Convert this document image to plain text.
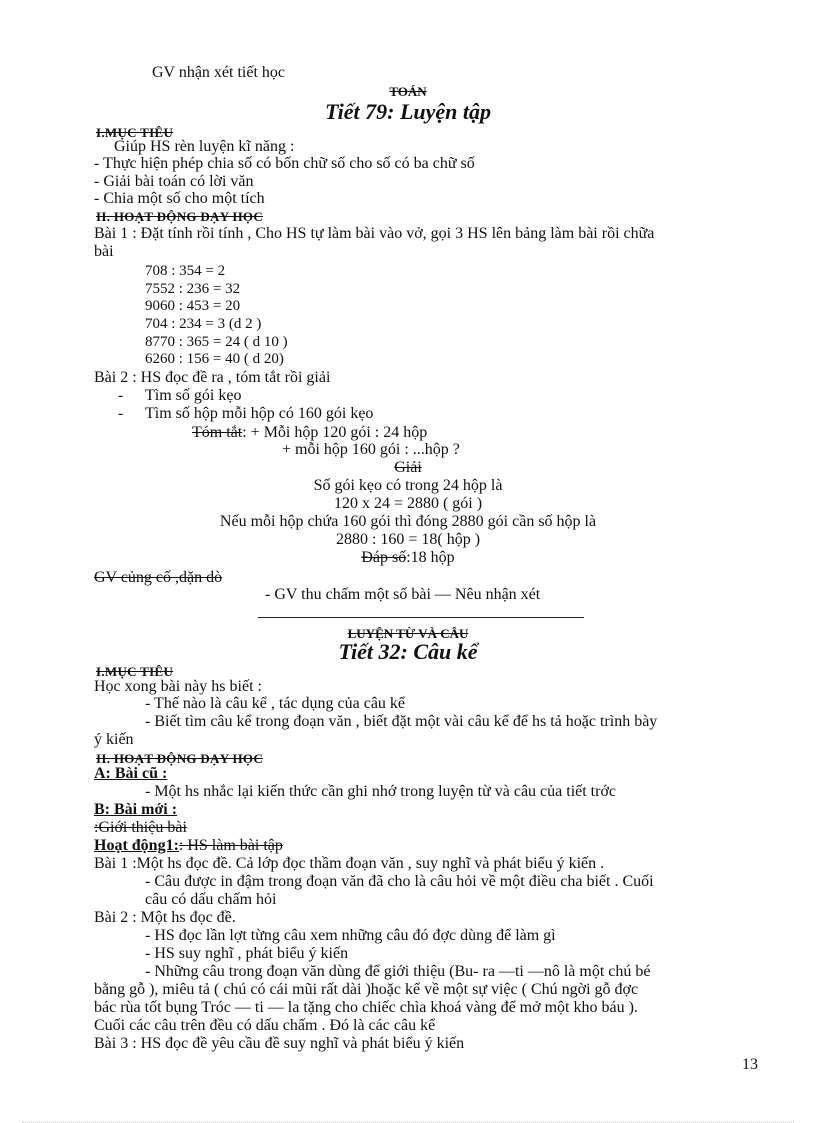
GV nhận xét tiết học
TOÁN
Tiết 79: Luyện tập
I.MỤC TIÊU
Giúp HS rèn luyện kĩ năng :
- Thực hiện phép chia số có bốn chữ số cho số có ba chữ số
- Giải bài toán có lời văn
- Chia một số cho một tích
II. HOẠT ĐỘNG DẠY HỌC
Bài 1 : Đặt tính rồi tính , Cho HS tự làm bài vào vở, gọi 3 HS lên bảng làm bài rồi chữa
bài
708 : 354 = 2
7552 : 236 = 32
9060 : 453 = 20
704 : 234 = 3 (d 2 )
8770 : 365 = 24 ( d 10 )
6260 : 156 = 40 ( d 20)
Bài 2 : HS đọc đề ra , tóm tắt rồi giải
‐ Tìm số gói kẹo
‐ Tìm số hộp mỗi hộp có 160 gói kẹo
Tóm tắt: + Mỗi hộp 120 gói : 24 hộp
+ mỗi hộp 160 gói : ...hộp ?
Giải
Số gói kẹo có trong 24 hộp là
120 x 24 = 2880 ( gói )
Nếu mỗi hộp chứa 160 gói thì đóng 2880 gói cần số hộp là
2880 : 160 = 18( hộp )
Đáp số:18 hộp
GV củng cố ,dặn dò
- GV thu chấm một số bài — Nêu nhận xét
LUYỆN TỪ VÀ CÂU
Tiết 32: Câu kể
I.MỤC TIÊU
Học xong bài này hs biết :
- Thế nào là câu kể , tác dụng của câu kể
- Biết tìm câu kể trong đoạn văn , biết đặt một vài câu kể để hs tả hoặc trình bày
ý kiến
II. HOẠT ĐỘNG DẠY HỌC
A: Bài cũ :
- Một hs nhắc lại kiến thức cần ghi nhớ trong luyện từ và câu của tiết trớc
B: Bài mới :
:Giới thiệu bài
Hoạt động1:: HS làm bài tập
Bài 1 :Một hs đọc đề. Cả lớp đọc thầm đoạn văn , suy nghĩ và phát biểu ý kiến .
- Câu được in đậm trong đoạn văn đã cho là câu hỏi về một điều cha biết . Cuối
câu có dấu chấm hỏi
Bài 2 : Một hs đọc đề.
- HS đọc lần lợt từng câu xem những câu đó đợc dùng để làm gì
- HS suy nghĩ , phát biểu ý kiến
- Những câu trong đoạn văn dùng để giới thiệu (Bu- ra —ti —nô là một chú bé
bằng gỗ ), miêu tả ( chú có cái mũi rất dài )hoặc kể về một sự việc ( Chú ngời gỗ đợc
bác rùa tốt bụng Tróc — ti — la tặng cho chiếc chìa khoá vàng để mở một kho báu ).
Cuối các câu trên đều có dấu chấm . Đó là các câu kể
Bài 3 : HS đọc đề yêu cầu đề suy nghĩ và phát biểu ý kiến
13
